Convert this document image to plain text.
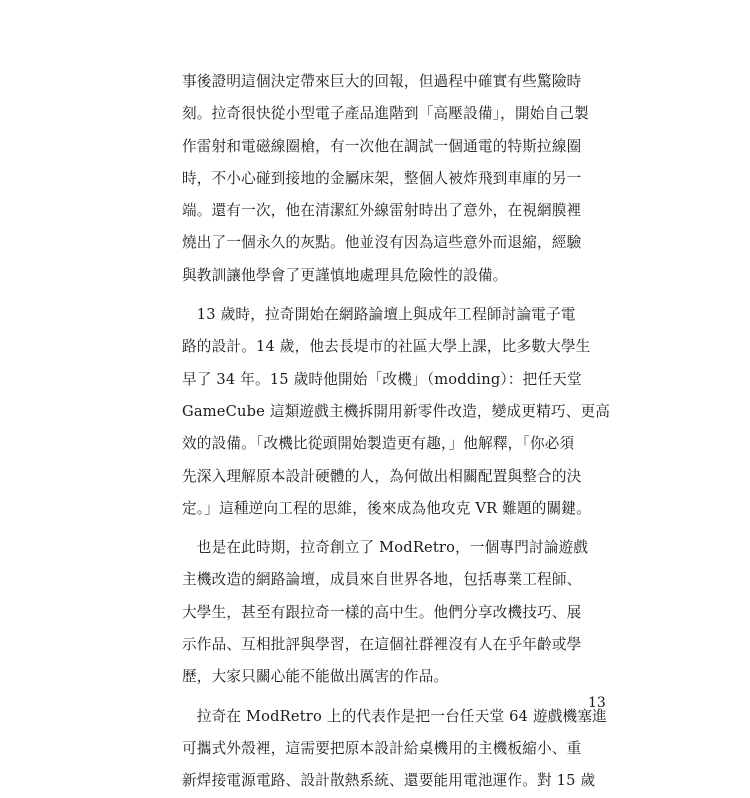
事後證明這個決定帶來巨大的回報，但過程中確實有些驚險時
刻。拉奇很快從小型電子產品進階到「高壓設備」，開始自己製
作雷射和電磁線圈槍，有一次他在調試一個通電的特斯拉線圈
時，不小心碰到接地的金屬床架，整個人被炸飛到車庫的另一
端。還有一次，他在清潔紅外線雷射時出了意外，在視網膜裡
燒出了一個永久的灰點。他並沒有因為這些意外而退縮，經驗
與教訓讓他學會了更謹慎地處理具危險性的設備。
　13 歲時，拉奇開始在網路論壇上與成年工程師討論電子電
路的設計。14 歲，他去長堤市的社區大學上課，比多數大學生
早了 34 年。15 歲時他開始「改機」（modding）：把任天堂
GameCube 這類遊戲主機拆開用新零件改造，變成更精巧、更高
效的設備。「改機比從頭開始製造更有趣，」他解釋，「你必須
先深入理解原本設計硬體的人，為何做出相關配置與整合的決
定。」這種逆向工程的思維，後來成為他攻克 VR 難題的關鍵。
　也是在此時期，拉奇創立了 ModRetro，一個專門討論遊戲
主機改造的網路論壇，成員來自世界各地，包括專業工程師、
大學生，甚至有跟拉奇一樣的高中生。他們分享改機技巧、展
示作品、互相批評與學習，在這個社群裡沒有人在乎年齡或學
歷，大家只關心能不能做出厲害的作品。
　拉奇在 ModRetro 上的代表作是把一台任天堂 64 遊戲機塞進
可攜式外殼裡，這需要把原本設計給桌機用的主機板縮小、重
新焊接電源電路、設計散熱系統、還要能用電池運作。對 15 歲
13
